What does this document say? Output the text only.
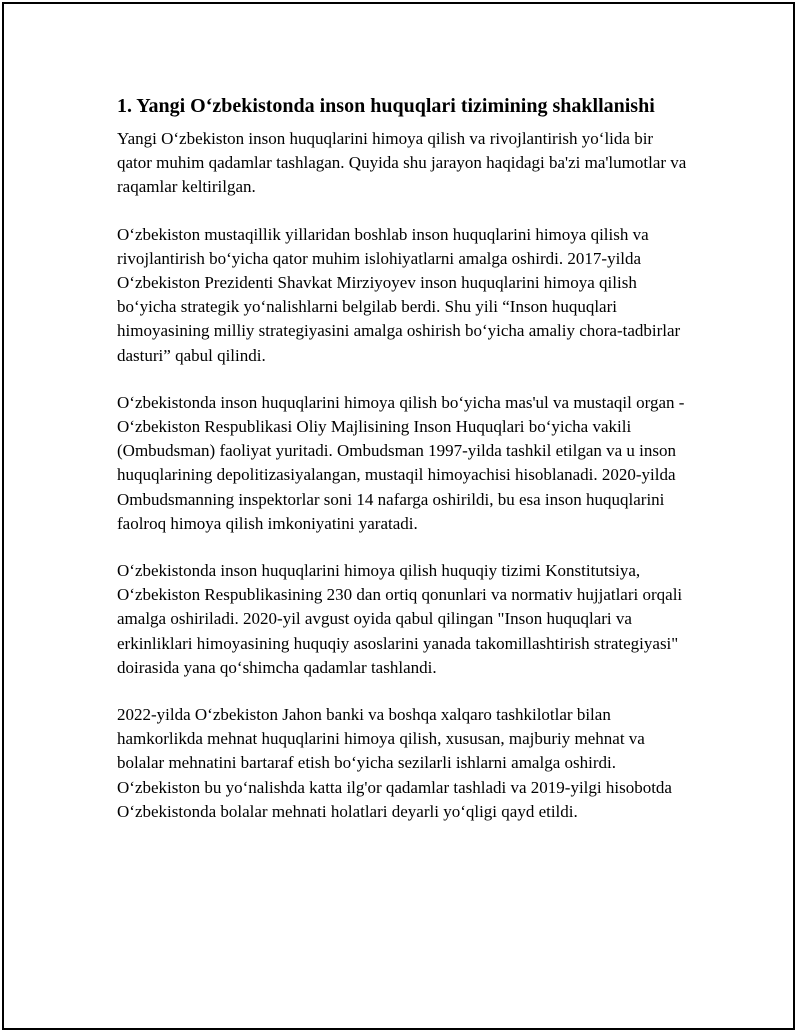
1. Yangi O‘zbekistonda inson huquqlari tizimining shakllanishi

Yangi O‘zbekiston inson huquqlarini himoya qilish va rivojlantirish yo‘lida bir qator muhim qadamlar tashlagan. Quyida shu jarayon haqidagi ba'zi ma'lumotlar va raqamlar keltirilgan.

O‘zbekiston mustaqillik yillaridan boshlab inson huquqlarini himoya qilish va rivojlantirish bo‘yicha qator muhim islohiyatlarni amalga oshirdi. 2017-yilda O‘zbekiston Prezidenti Shavkat Mirziyoyev inson huquqlarini himoya qilish bo‘yicha strategik yo‘nalishlarni belgilab berdi. Shu yili “Inson huquqlari himoyasining milliy strategiyasini amalga oshirish bo‘yicha amaliy chora-tadbirlar dasturi” qabul qilindi.

O‘zbekistonda inson huquqlarini himoya qilish bo‘yicha mas'ul va mustaqil organ - O‘zbekiston Respublikasi Oliy Majlisining Inson Huquqlari bo‘yicha vakili (Ombudsman) faoliyat yuritadi. Ombudsman 1997-yilda tashkil etilgan va u inson huquqlarining depolitizasiyalangan, mustaqil himoyachisi hisoblanadi. 2020-yilda Ombudsmanning inspektorlar soni 14 nafarga oshirildi, bu esa inson huquqlarini faolroq himoya qilish imkoniyatini yaratadi.

O‘zbekistonda inson huquqlarini himoya qilish huquqiy tizimi Konstitutsiya, O‘zbekiston Respublikasining 230 dan ortiq qonunlari va normativ hujjatlari orqali amalga oshiriladi. 2020-yil avgust oyida qabul qilingan "Inson huquqlari va erkinliklari himoyasining huquqiy asoslarini yanada takomillashtirish strategiyasi" doirasida yana qo‘shimcha qadamlar tashlandi.

2022-yilda O‘zbekiston Jahon banki va boshqa xalqaro tashkilotlar bilan hamkorlikda mehnat huquqlarini himoya qilish, xususan, majburiy mehnat va bolalar mehnatini bartaraf etish bo‘yicha sezilarli ishlarni amalga oshirdi. O‘zbekiston bu yo‘nalishda katta ilg'or qadamlar tashladi va 2019-yilgi hisobotda O‘zbekistonda bolalar mehnati holatlari deyarli yo‘qligi qayd etildi.
